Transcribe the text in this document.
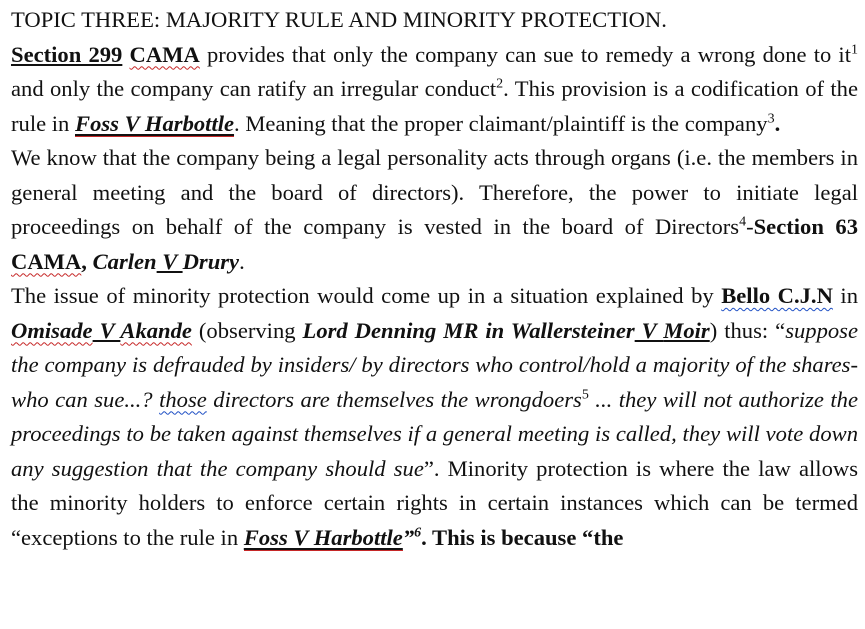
TOPIC THREE: MAJORITY RULE AND MINORITY PROTECTION.

Section 299 CAMA provides that only the company can sue to remedy a wrong done to $it^1$ and only the company can ratify an irregular conduct$^2$. This provision is a codification of the rule in Foss V Harbottle. Meaning that the proper claimant/plaintiff is the company$^3$.

We know that the company being a legal personality acts through organs (i.e. the members in general meeting and the board of directors). Therefore, the power to initiate legal proceedings on behalf of the company is vested in the board of Directors$^4$-Section 63 CAMA, Carlen V Drury.

The issue of minority protection would come up in a situation explained by Bello C.J.N in Omisade V Akande (observing Lord Denning MR in Wallersteiner V Moir) thus: “suppose the company is defrauded by insiders/ by directors who control/hold a majority of the shares-who can sue...? those directors are themselves the wrongdoers$^5$ ... they will not authorize the proceedings to be taken against themselves if a general meeting is called, they will vote down any suggestion that the company should sue”. Minority protection is where the law allows the minority holders to enforce certain rights in certain instances which can be termed “exceptions to the rule in Foss V Harbottle”$^6$. This is because “the
